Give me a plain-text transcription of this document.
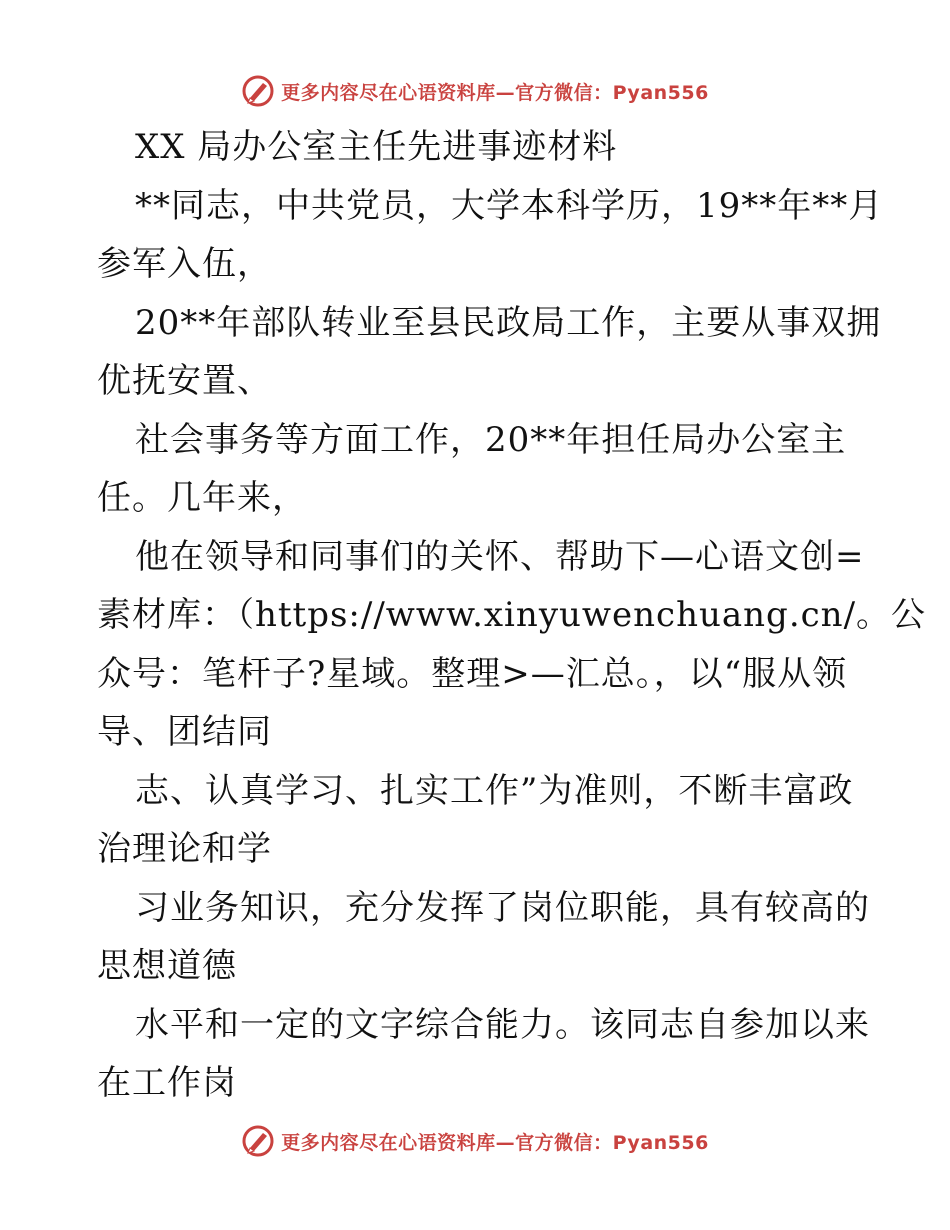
更多内容尽在心语资料库—官方微信：Pyan556
XX 局办公室主任先进事迹材料
**同志，中共党员，大学本科学历，19**年**月
参军入伍，
20**年部队转业至县民政局工作，主要从事双拥
优抚安置、
社会事务等方面工作，20**年担任局办公室主
任。几年来，
他在领导和同事们的关怀、帮助下—心语文创=
素材库：（https://www.xinyuwenchuang.cn/。公
众号：笔杆子?星域。整理>—汇总。，以“服从领
导、团结同
志、认真学习、扎实工作”为准则，不断丰富政
治理论和学
习业务知识，充分发挥了岗位职能，具有较高的
思想道德
水平和一定的文字综合能力。该同志自参加以来
在工作岗
更多内容尽在心语资料库—官方微信：Pyan556
